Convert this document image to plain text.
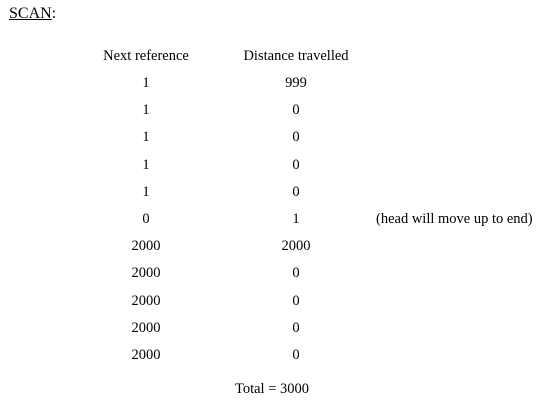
SCAN:
Next reference	Distance travelled
1	999
1	0
1	0
1	0
1	0
0	1	(head will move up to end)
2000	2000
2000	0
2000	0
2000	0
2000	0
Total = 3000
